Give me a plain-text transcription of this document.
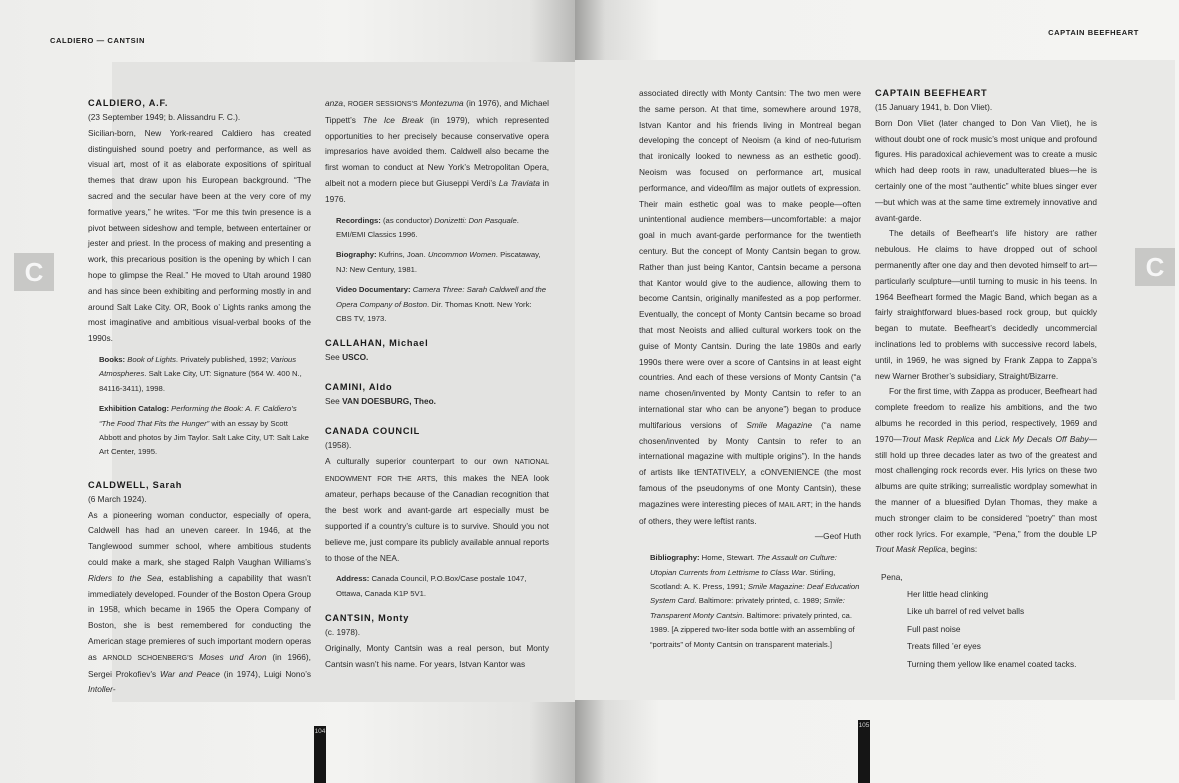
CALDIERO — CANTSIN
C
104

CALDIERO, A.F.

(23 September 1949; b. Alissandru F. C.).

Sicilian-born, New York-reared Caldiero has created distinguished sound poetry and performance, as well as visual art, most of it as elaborate expositions of spiritual themes that draw upon his European background. “The sacred and the secular have been at the very core of my formative years,” he writes. “For me this twin presence is a pivot between sideshow and temple, between entertainer or jester and priest. In the process of making and presenting a work, this precarious position is the opening by which I can hope to glimpse the Real.” He moved to Utah around 1980 and has since been exhibiting and performing mostly in and around Salt Lake City. OR, Book o’ Lights ranks among the most imaginative and ambitious visual-verbal books of the 1990s.

Books: Book of Lights. Privately published, 1992; Various Atmospheres. Salt Lake City, UT: Signature (564 W. 400 N., 84116-3411), 1998.

Exhibition Catalog: Performing the Book: A. F. Caldiero’s “The Food That Fits the Hunger” with an essay by Scott Abbott and photos by Jim Taylor. Salt Lake City, UT: Salt Lake Art Center, 1995.

CALDWELL, Sarah

(6 March 1924).

As a pioneering woman conductor, especially of opera, Caldwell has had an uneven career. In 1946, at the Tanglewood summer school, where ambitious students could make a mark, she staged Ralph Vaughan Williams’s Riders to the Sea, establishing a capability that wasn’t immediately developed. Founder of the Boston Opera Group in 1958, which became in 1965 the Opera Company of Boston, she is best remembered for conducting the American stage premieres of such important modern operas as ARNOLD SCHOENBERG’S Moses und Aron (in 1966), Sergei Prokofiev’s War and Peace (in 1974), Luigi Nono’s Intoller-

anza, ROGER SESSIONS’S Montezuma (in 1976), and Michael Tippett’s The Ice Break (in 1979), which represented opportunities to her precisely because conservative opera impresarios have avoided them. Caldwell also became the first woman to conduct at New York’s Metropolitan Opera, albeit not a modern piece but Giuseppi Verdi’s La Traviata in 1976.

Recordings: (as conductor) Donizetti: Don Pasquale. EMI/EMI Classics 1996.

Biography: Kufrins, Joan. Uncommon Women. Piscataway, NJ: New Century, 1981.

Video Documentary: Camera Three: Sarah Caldwell and the Opera Company of Boston. Dir. Thomas Knott. New York: CBS TV, 1973.

CALLAHAN, Michael

See USCO.

CAMINI, Aldo

See VAN DOESBURG, Theo.

CANADA COUNCIL

(1958).

A culturally superior counterpart to our own NATIONAL ENDOWMENT FOR THE ARTS, this makes the NEA look amateur, perhaps because of the Canadian recognition that the best work and avant-garde art especially must be supported if a country’s culture is to survive. Should you not believe me, just compare its publicly available annual reports to those of the NEA.

Address: Canada Council, P.O.Box/Case postale 1047, Ottawa, Canada K1P 5V1.

CANTSIN, Monty

(c. 1978).

Originally, Monty Cantsin was a real person, but Monty Cantsin wasn’t his name. For years, Istvan Kantor was

CAPTAIN BEEFHEART
C
105

associated directly with Monty Cantsin: The two men were the same person. At that time, somewhere around 1978, Istvan Kantor and his friends living in Montreal began developing the concept of Neoism (a kind of neo-futurism that ironically looked to newness as an esthetic good). Neoism was focused on performance art, musical performance, and video/film as major outlets of expression. Their main esthetic goal was to make people—often unintentional audience members—uncomfortable: a major goal in much avant-garde performance for the twentieth century. But the concept of Monty Cantsin began to grow. Rather than just being Kantor, Cantsin became a persona that Kantor would give to the audience, allowing them to become Cantsin, originally manifested as a pop performer. Eventually, the concept of Monty Cantsin became so broad that most Neoists and allied cultural workers took on the guise of Monty Cantsin. During the late 1980s and early 1990s there were over a score of Cantsins in at least eight countries. And each of these versions of Monty Cantsin (“a name chosen/invented by Monty Cantsin to refer to an international star who can be anyone”) began to produce multifarious versions of Smile Magazine (“a name chosen/invented by Monty Cantsin to refer to an international magazine with multiple origins”). In the hands of artists like tENTATIVELY, a cONVENIENCE (the most famous of the pseudonyms of one Monty Cantsin), these magazines were interesting pieces of MAIL ART; in the hands of others, they were leftist rants.

—Geof Huth

Bibliography: Home, Stewart. The Assault on Culture: Utopian Currents from Lettrisme to Class War. Stirling, Scotland: A. K. Press, 1991; Smile Magazine: Deaf Education System Card. Baltimore: privately printed, c. 1989; Smile: Transparent Monty Cantsin. Baltimore: privately printed, ca. 1989. [A zippered two-liter soda bottle with an assembling of “portraits” of Monty Cantsin on transparent materials.]

CAPTAIN BEEFHEART

(15 January 1941, b. Don Vliet).

Born Don Vliet (later changed to Don Van Vliet), he is without doubt one of rock music’s most unique and profound figures. His paradoxical achievement was to create a music which had deep roots in raw, unadulterated blues—he is certainly one of the most “authentic” white blues singer ever—but which was at the same time extremely innovative and avant-garde.

The details of Beefheart’s life history are rather nebulous. He claims to have dropped out of school permanently after one day and then devoted himself to art—particularly sculpture—until turning to music in his teens. In 1964 Beefheart formed the Magic Band, which began as a fairly straightforward blues-based rock group, but quickly began to mutate. Beefheart’s decidedly uncommercial inclinations led to problems with successive record labels, until, in 1969, he was signed by Frank Zappa to Zappa’s new Warner Brother’s subsidiary, Straight/Bizarre.

For the first time, with Zappa as producer, Beefheart had complete freedom to realize his ambitions, and the two albums he recorded in this period, respectively, 1969 and 1970—Trout Mask Replica and Lick My Decals Off Baby—still hold up three decades later as two of the greatest and most challenging rock records ever. His lyrics on these two albums are quite striking; surrealistic wordplay somewhat in the manner of a bluesified Dylan Thomas, they make a much stronger claim to be considered “poetry” than most other rock lyrics. For example, “Pena,” from the double LP Trout Mask Replica, begins:

Pena,

Her little head clinking

Like uh barrel of red velvet balls

Full past noise

Treats filled ’er eyes

Turning them yellow like enamel coated tacks.
